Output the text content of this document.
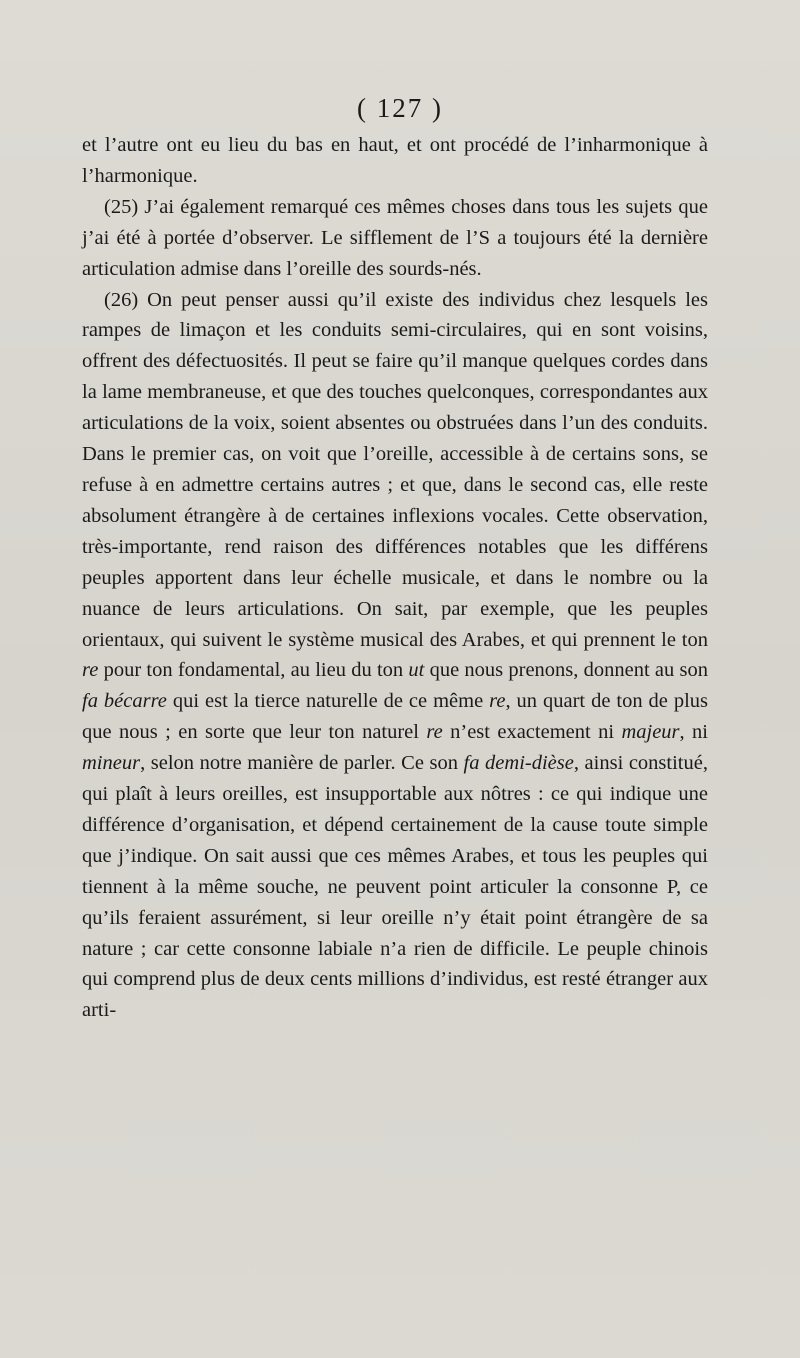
( 127 )

et l’autre ont eu lieu du bas en haut, et ont procédé de l’inharmonique à l’harmonique.

(25) J’ai également remarqué ces mêmes choses dans tous les sujets que j’ai été à portée d’observer. Le sifflement de l’S a toujours été la dernière articulation admise dans l’oreille des sourds-nés.

(26) On peut penser aussi qu’il existe des individus chez lesquels les rampes de limaçon et les conduits semi-circulaires, qui en sont voisins, offrent des défectuosités. Il peut se faire qu’il manque quelques cordes dans la lame membraneuse, et que des touches quelconques, correspondantes aux articulations de la voix, soient absentes ou obstruées dans l’un des conduits. Dans le premier cas, on voit que l’oreille, accessible à de certains sons, se refuse à en admettre certains autres ; et que, dans le second cas, elle reste absolument étrangère à de certaines inflexions vocales. Cette observation, très-importante, rend raison des différences notables que les différens peuples apportent dans leur échelle musicale, et dans le nombre ou la nuance de leurs articulations. On sait, par exemple, que les peuples orientaux, qui suivent le système musical des Arabes, et qui prennent le ton re pour ton fondamental, au lieu du ton ut que nous prenons, donnent au son fa bécarre qui est la tierce naturelle de ce même re, un quart de ton de plus que nous ; en sorte que leur ton naturel re n’est exactement ni majeur, ni mineur, selon notre manière de parler. Ce son fa demi-dièse, ainsi constitué, qui plaît à leurs oreilles, est insupportable aux nôtres : ce qui indique une différence d’organisation, et dépend certainement de la cause toute simple que j’indique. On sait aussi que ces mêmes Arabes, et tous les peuples qui tiennent à la même souche, ne peuvent point articuler la consonne P, ce qu’ils feraient assurément, si leur oreille n’y était point étrangère de sa nature ; car cette consonne labiale n’a rien de difficile. Le peuple chinois qui comprend plus de deux cents millions d’individus, est resté étranger aux arti-
